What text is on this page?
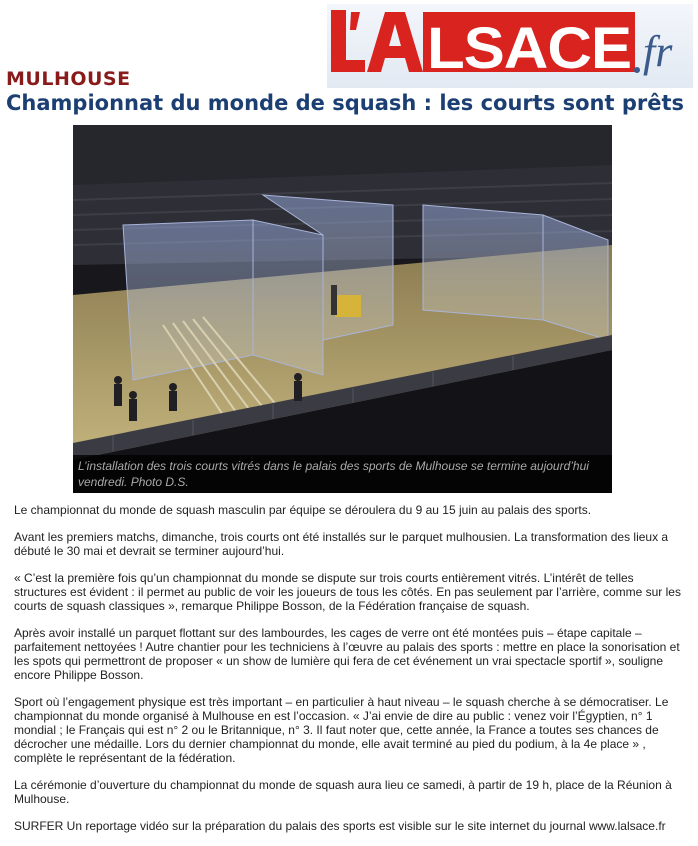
LSACE fr
MULHOUSE
Championnat du monde de squash : les courts sont prêts
L’installation des trois courts vitrés dans le palais des sports de Mulhouse se termine aujourd’hui vendredi. Photo D.S.

Le championnat du monde de squash masculin par équipe se déroulera du 9 au 15 juin au palais des sports.

Avant les premiers matchs, dimanche, trois courts ont été installés sur le parquet mulhousien. La transformation des lieux a débuté le 30 mai et devrait se terminer aujourd’hui.

« C’est la première fois qu’un championnat du monde se dispute sur trois courts entièrement vitrés. L’intérêt de telles structures est évident : il permet au public de voir les joueurs de tous les côtés. En pas seulement par l’arrière, comme sur les courts de squash classiques », remarque Philippe Bosson, de la Fédération française de squash.

Après avoir installé un parquet flottant sur des lambourdes, les cages de verre ont été montées puis – étape capitale – parfaitement nettoyées ! Autre chantier pour les techniciens à l’œuvre au palais des sports : mettre en place la sonorisation et les spots qui permettront de proposer « un show de lumière qui fera de cet événement un vrai spectacle sportif », souligne encore Philippe Bosson.

Sport où l’engagement physique est très important – en particulier à haut niveau – le squash cherche à se démocratiser. Le championnat du monde organisé à Mulhouse en est l’occasion. « J’ai envie de dire au public : venez voir l’Égyptien, n° 1 mondial ; le Français qui est n° 2 ou le Britannique, n° 3. Il faut noter que, cette année, la France a toutes ses chances de décrocher une médaille. Lors du dernier championnat du monde, elle avait terminé au pied du podium, à la 4e place » , complète le représentant de la fédération.

La cérémonie d’ouverture du championnat du monde de squash aura lieu ce samedi, à partir de 19 h, place de la Réunion à Mulhouse.

SURFER Un reportage vidéo sur la préparation du palais des sports est visible sur le site internet du journal www.lalsace.fr
